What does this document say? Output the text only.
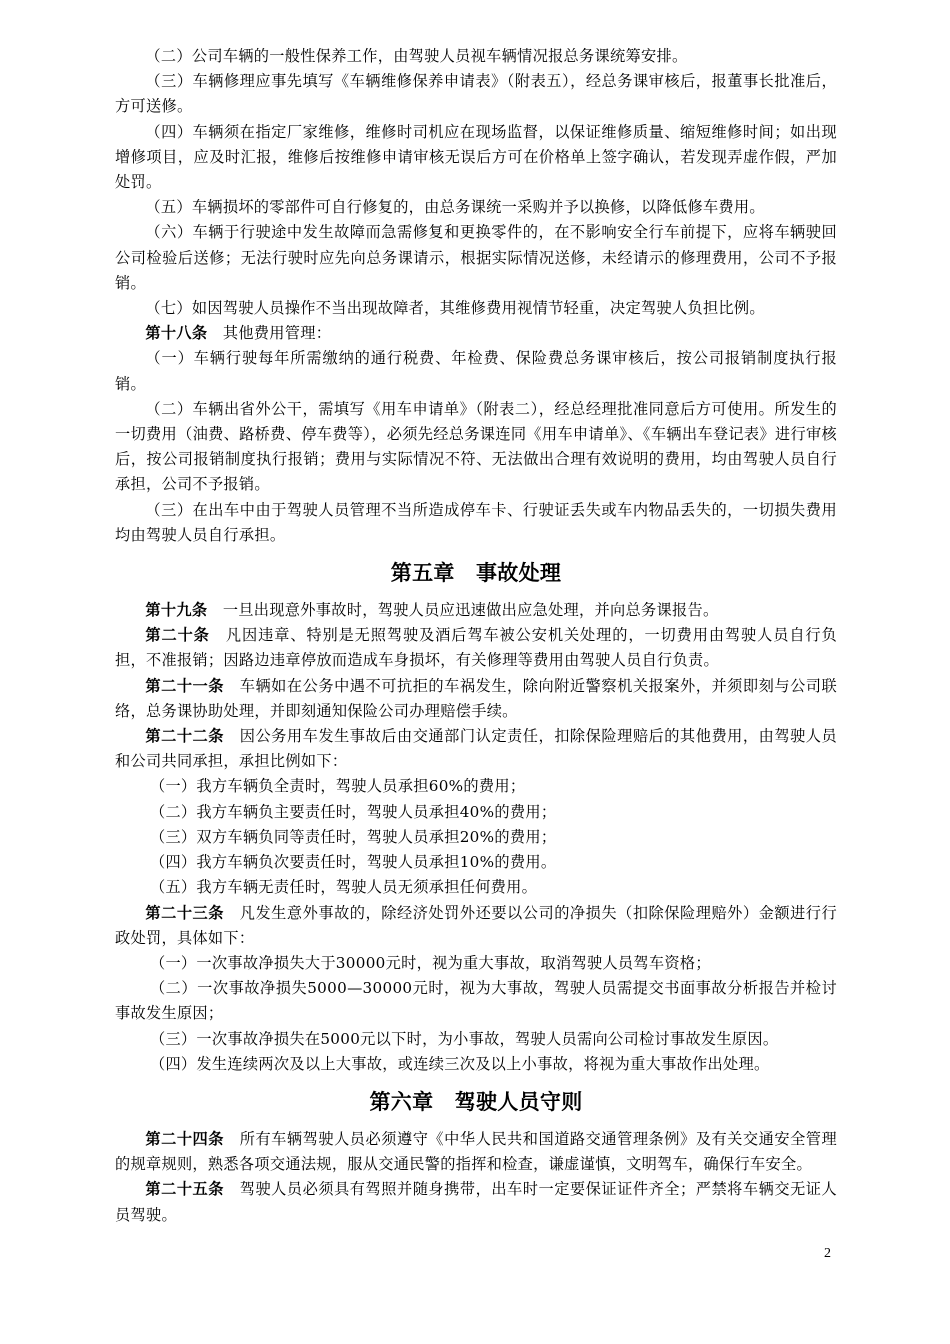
（二）公司车辆的一般性保养工作，由驾驶人员视车辆情况报总务课统筹安排。

（三）车辆修理应事先填写《车辆维修保养申请表》（附表五），经总务课审核后，报董事长批准后，方可送修。

（四）车辆须在指定厂家维修，维修时司机应在现场监督，以保证维修质量、缩短维修时间；如出现增修项目，应及时汇报，维修后按维修申请审核无误后方可在价格单上签字确认，若发现弄虚作假，严加处罚。

（五）车辆损坏的零部件可自行修复的，由总务课统一采购并予以换修，以降低修车费用。

（六）车辆于行驶途中发生故障而急需修复和更换零件的，在不影响安全行车前提下，应将车辆驶回公司检验后送修；无法行驶时应先向总务课请示，根据实际情况送修，未经请示的修理费用，公司不予报销。

（七）如因驾驶人员操作不当出现故障者，其维修费用视情节轻重，决定驾驶人负担比例。

第十八条　其他费用管理：

（一）车辆行驶每年所需缴纳的通行税费、年检费、保险费总务课审核后，按公司报销制度执行报销。

（二）车辆出省外公干，需填写《用车申请单》（附表二），经总经理批准同意后方可使用。所发生的一切费用（油费、路桥费、停车费等），必须先经总务课连同《用车申请单》、《车辆出车登记表》进行审核后，按公司报销制度执行报销；费用与实际情况不符、无法做出合理有效说明的费用，均由驾驶人员自行承担，公司不予报销。

（三）在出车中由于驾驶人员管理不当所造成停车卡、行驶证丢失或车内物品丢失的，一切损失费用均由驾驶人员自行承担。

第五章　事故处理

第十九条　一旦出现意外事故时，驾驶人员应迅速做出应急处理，并向总务课报告。

第二十条　凡因违章、特别是无照驾驶及酒后驾车被公安机关处理的，一切费用由驾驶人员自行负担，不准报销；因路边违章停放而造成车身损坏，有关修理等费用由驾驶人员自行负责。

第二十一条　车辆如在公务中遇不可抗拒的车祸发生，除向附近警察机关报案外，并须即刻与公司联络，总务课协助处理，并即刻通知保险公司办理赔偿手续。

第二十二条　因公务用车发生事故后由交通部门认定责任，扣除保险理赔后的其他费用，由驾驶人员和公司共同承担，承担比例如下：

（一）我方车辆负全责时，驾驶人员承担60%的费用；

（二）我方车辆负主要责任时，驾驶人员承担40%的费用；

（三）双方车辆负同等责任时，驾驶人员承担20%的费用；

（四）我方车辆负次要责任时，驾驶人员承担10%的费用。

（五）我方车辆无责任时，驾驶人员无须承担任何费用。

第二十三条　凡发生意外事故的，除经济处罚外还要以公司的净损失（扣除保险理赔外）金额进行行政处罚，具体如下：

（一）一次事故净损失大于30000元时，视为重大事故，取消驾驶人员驾车资格；

（二）一次事故净损失5000—30000元时，视为大事故，驾驶人员需提交书面事故分析报告并检讨事故发生原因；

（三）一次事故净损失在5000元以下时，为小事故，驾驶人员需向公司检讨事故发生原因。

（四）发生连续两次及以上大事故，或连续三次及以上小事故，将视为重大事故作出处理。

第六章　驾驶人员守则

第二十四条　所有车辆驾驶人员必须遵守《中华人民共和国道路交通管理条例》及有关交通安全管理的规章规则，熟悉各项交通法规，服从交通民警的指挥和检查，谦虚谨慎，文明驾车，确保行车安全。

第二十五条　驾驶人员必须具有驾照并随身携带，出车时一定要保证证件齐全；严禁将车辆交无证人员驾驶。

2
